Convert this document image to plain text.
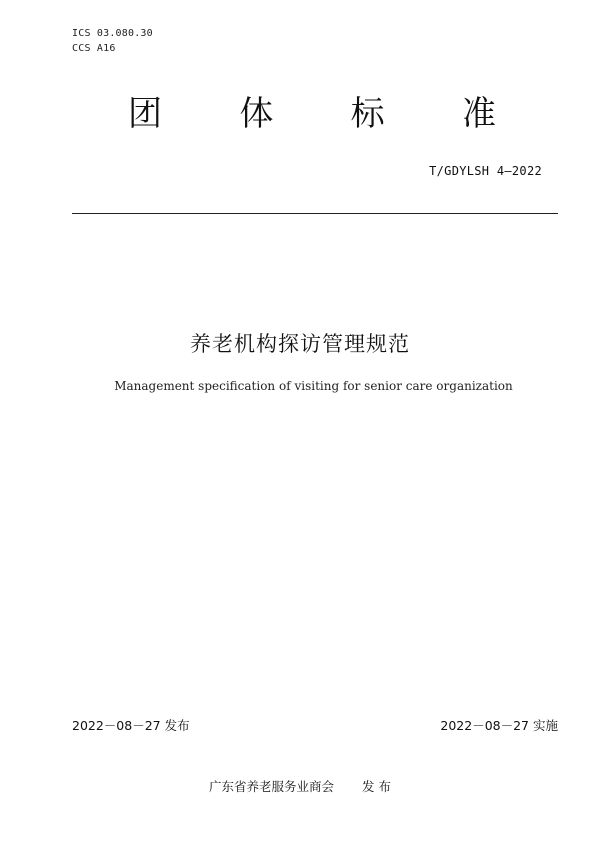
ICS 03.080.30
CCS A16
团 体 标 准
T/GDYLSH 4—2022
养老机构探访管理规范
Management specification of visiting for senior care organization
2022－08－27 发布	2022－08－27 实施
广东省养老服务业商会 发 布
